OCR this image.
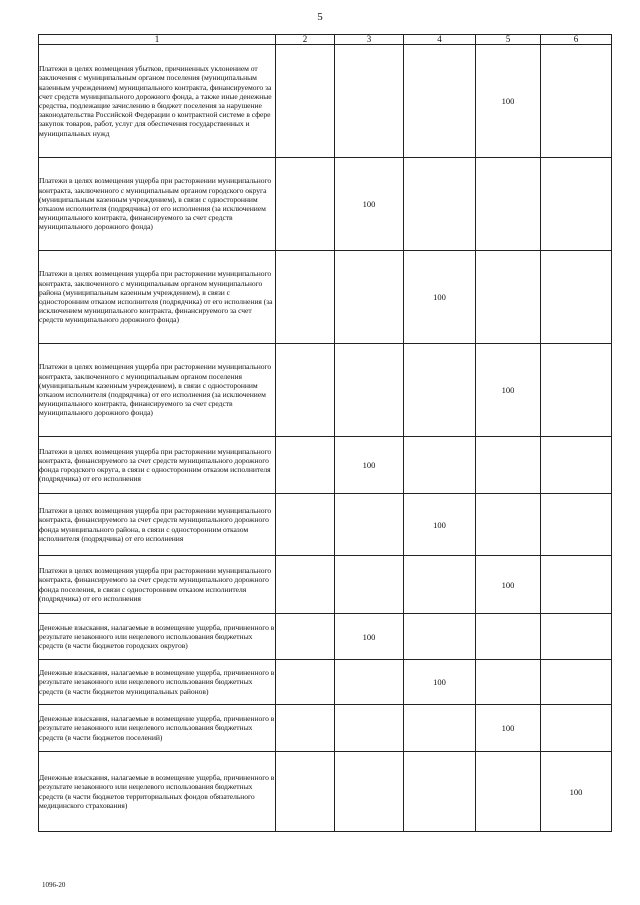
5
1	2	3	4	5	6
Платежи в целях возмещения убытков, причиненных уклонением от заключения с муниципальным органом поселения (муниципальным казенным учреждением) муниципального контракта, финансируемого за счет средств муниципального дорожного фонда, а также иные денежные средства, подлежащие зачислению в бюджет поселения за нарушение законодательства Российской Федерации о контрактной системе в сфере закупок товаров, работ, услуг для обеспечения государственных и муниципальных нужд				100	
Платежи в целях возмещения ущерба при расторжении муниципального контракта, заключенного с муниципальным органом городского округа (муниципальным казенным учреждением), в связи с односторонним отказом исполнителя (подрядчика) от его исполнения (за исключением муниципального контракта, финансируемого за счет средств муниципального дорожного фонда)		100			
Платежи в целях возмещения ущерба при расторжении муниципального контракта, заключенного с муниципальным органом муниципального района (муниципальным казенным учреждением), в связи с односторонним отказом исполнителя (подрядчика) от его исполнения (за исключением муниципального контракта, финансируемого за счет средств муниципального дорожного фонда)			100		
Платежи в целях возмещения ущерба при расторжении муниципального контракта, заключенного с муниципальным органом поселения (муниципальным казенным учреждением), в связи с односторонним отказом исполнителя (подрядчика) от его исполнения (за исключением муниципального контракта, финансируемого за счет средств муниципального дорожного фонда)				100	
Платежи в целях возмещения ущерба при расторжении муниципального контракта, финансируемого за счет средств муниципального дорожного фонда городского округа, в связи с односторонним отказом исполнителя (подрядчика) от его исполнения		100			
Платежи в целях возмещения ущерба при расторжении муниципального контракта, финансируемого за счет средств муниципального дорожного фонда муниципального района, в связи с односторонним отказом исполнителя (подрядчика) от его исполнения			100		
Платежи в целях возмещения ущерба при расторжении муниципального контракта, финансируемого за счет средств муниципального дорожного фонда поселения, в связи с односторонним отказом исполнителя (подрядчика) от его исполнения				100	
Денежные взыскания, налагаемые в возмещение ущерба, причиненного в результате незаконного или нецелевого использования бюджетных средств (в части бюджетов городских округов)		100			
Денежные взыскания, налагаемые в возмещение ущерба, причиненного в результате незаконного или нецелевого использования бюджетных средств (в части бюджетов муниципальных районов)			100		
Денежные взыскания, налагаемые в возмещение ущерба, причиненного в результате незаконного или нецелевого использования бюджетных средств (в части бюджетов поселений)				100	
Денежные взыскания, налагаемые в возмещение ущерба, причиненного в результате незаконного или нецелевого использования бюджетных средств (в части бюджетов территориальных фондов обязательного медицинского страхования)					100
1096-20
